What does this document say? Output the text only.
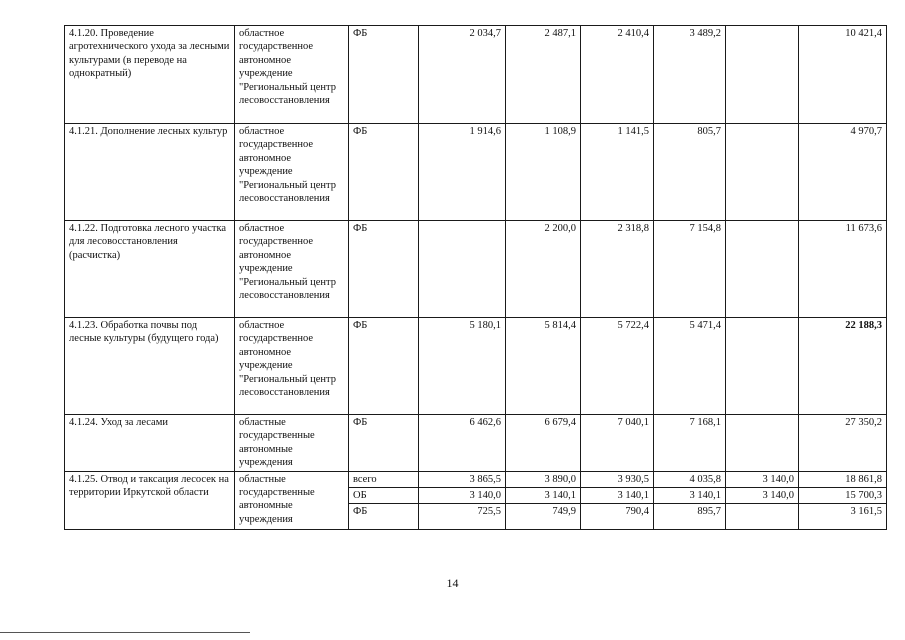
4.1.20. Проведение агротехнического ухода за лесными культурами (в переводе на однократный)	областное государственное автономное учреждение "Региональный центр лесовосстановления	ФБ	2 034,7	2 487,1	2 410,4	3 489,2		10 421,4
4.1.21. Дополнение лесных культур	областное государственное автономное учреждение "Региональный центр лесовосстановления	ФБ	1 914,6	1 108,9	1 141,5	805,7		4 970,7
4.1.22. Подготовка лесного участка для лесовосстановления (расчистка)	областное государственное автономное учреждение "Региональный центр лесовосстановления	ФБ		2 200,0	2 318,8	7 154,8		11 673,6
4.1.23. Обработка почвы под лесные культуры (будущего года)	областное государственное автономное учреждение "Региональный центр лесовосстановления	ФБ	5 180,1	5 814,4	5 722,4	5 471,4		22 188,3
4.1.24. Уход за лесами	областные государственные автономные учреждения	ФБ	6 462,6	6 679,4	7 040,1	7 168,1		27 350,2
4.1.25. Отвод и таксация лесосек на территории Иркутской области	областные государственные автономные учреждения	всего	3 865,5	3 890,0	3 930,5	4 035,8	3 140,0	18 861,8
		ОБ	3 140,0	3 140,1	3 140,1	3 140,1	3 140,0	15 700,3
		ФБ	725,5	749,9	790,4	895,7		3 161,5
14
